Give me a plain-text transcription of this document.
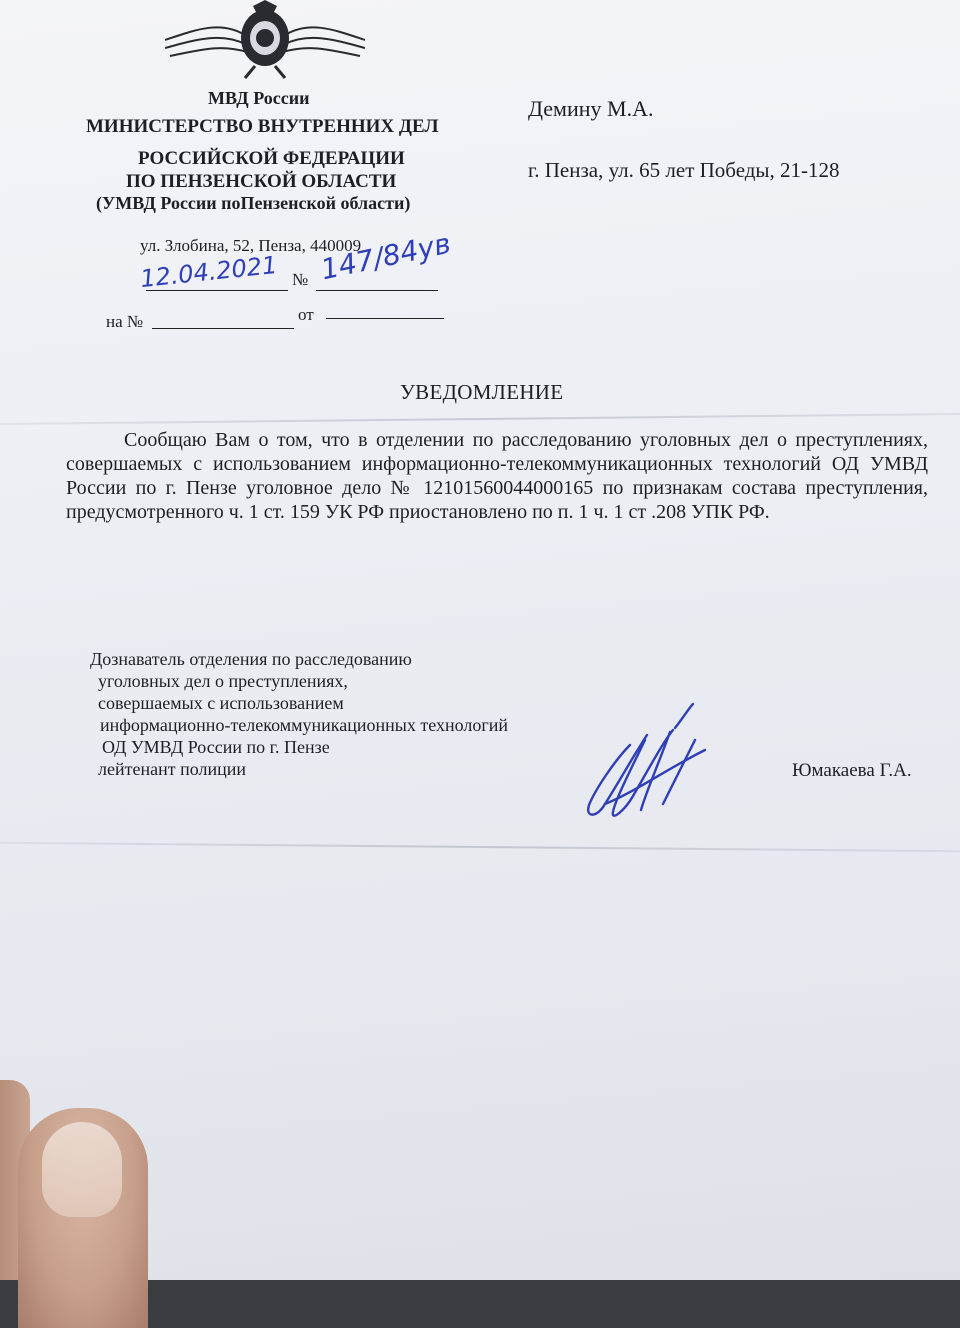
МВД России
МИНИСТЕРСТВО ВНУТРЕННИХ ДЕЛ
РОССИЙСКОЙ ФЕДЕРАЦИИ
ПО ПЕНЗЕНСКОЙ ОБЛАСТИ
(УМВД России поПензенской области)
ул. Злобина, 52, Пенза, 440009
№
12.04.2021 147/84ув
на №	от
Демину М.А.
г. Пенза, ул. 65 лет Победы, 21-128
УВЕДОМЛЕНИЕ

Сообщаю Вам о том, что в отделении по расследованию уголовных дел о преступлениях, совершаемых с использованием информационно-телекоммуникационных технологий ОД УМВД России по г. Пензе уголовное дело № 12101560044000165 по признакам состава преступления, предусмотренного ч. 1 ст. 159 УК РФ приостановлено по п. 1 ч. 1 ст .208 УПК РФ.

Дознаватель отделения по расследованию
уголовных дел о преступлениях,
совершаемых с использованием
информационно-телекоммуникационных технологий
ОД УМВД России по г. Пензе
лейтенант полиции	Юмакаева Г.А.
